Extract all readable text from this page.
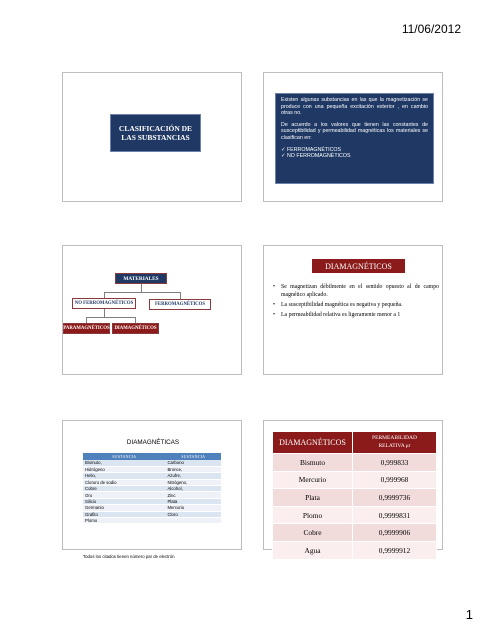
11/06/2012
CLASIFICACIÓN DE LAS SUBSTANCIAS

Existen algunas substancias en las que la magnetización se produce con una pequeña excitación exterior , en cambio otras no.

De acuerdo a los valores que tienen las constantes de susceptibilidad y permeabilidad magnéticas los materiales se clasifican en:

✓ FERROMAGNÉTICOS
✓ NO FERROMAGNÉTICOS
MATERIALES
NO FERROMAGNÉTICOS	FERROMAGNÉTICOS
PARAMAGNÉTICOS DIAMAGNÉTICOS
DIAMAGNÉTICOS
• Se magnetizan débilmente en el sentido opuesto al de campo magnético aplicado.
• La susceptibilidad magnética es negativa y pequeña.
• La permeabilidad relativa es ligeramente menor a 1
DIAMAGNÉTICAS
SUSTANCIA	SUSTANCIA
Bismuto,	Carbono
Hidrógeno	Bronce,
Helio,	Azufre,
Cloruro de sodio	Nitrógeno,
Cobre	Alcohol,
Oro	Zinc
Silicio	Plata
Germanio	Mercurio
Grafito	Cloro
Plomo	
Todos los citados tienen número par de electrón
DIAMAGNÉTICOS	PERMEABILIDAD
RELATIVA μr
Bismuto	0,999833
Mercurio	0,999968
Plata	0,9999736
Plomo	0,9999831
Cobre	0,9999906
Agua	0,9999912
1
